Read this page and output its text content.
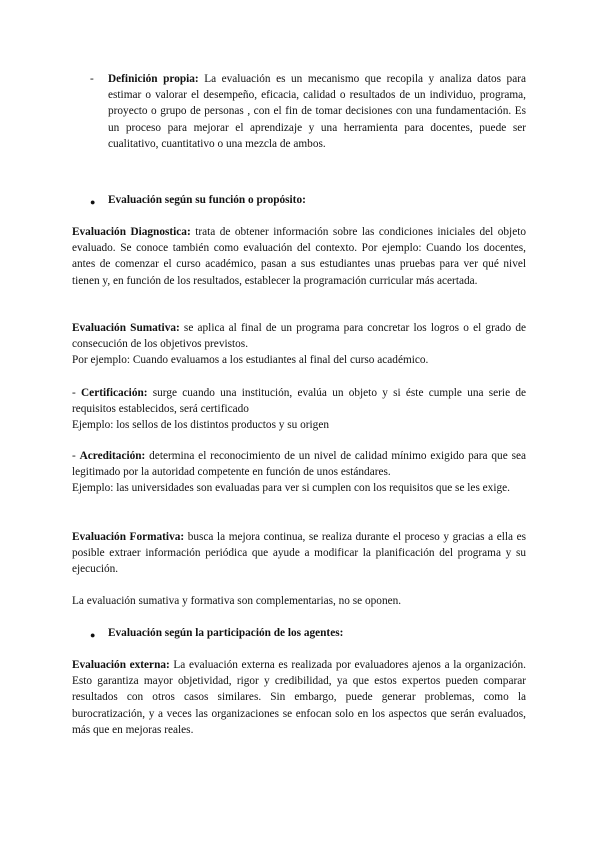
- Definición propia: La evaluación es un mecanismo que recopila y analiza datos para estimar o valorar el desempeño, eficacia, calidad o resultados de un individuo, programa, proyecto o grupo de personas , con el fin de tomar decisiones con una fundamentación. Es un proceso para mejorar el aprendizaje y una herramienta para docentes, puede ser cualitativo, cuantitativo o una mezcla de ambos.

● Evaluación según su función o propósito:

Evaluación Diagnostica: trata de obtener información sobre las condiciones iniciales del objeto evaluado. Se conoce también como evaluación del contexto. Por ejemplo: Cuando los docentes, antes de comenzar el curso académico, pasan a sus estudiantes unas pruebas para ver qué nivel tienen y, en función de los resultados, establecer la programación curricular más acertada.

Evaluación Sumativa: se aplica al final de un programa para concretar los logros o el grado de consecución de los objetivos previstos.

Por ejemplo: Cuando evaluamos a los estudiantes al final del curso académico.

- Certificación: surge cuando una institución, evalúa un objeto y si éste cumple una serie de requisitos establecidos, será certificado

Ejemplo: los sellos de los distintos productos y su origen

- Acreditación: determina el reconocimiento de un nivel de calidad mínimo exigido para que sea legitimado por la autoridad competente en función de unos estándares.

Ejemplo: las universidades son evaluadas para ver si cumplen con los requisitos que se les exige.

Evaluación Formativa: busca la mejora continua, se realiza durante el proceso y gracias a ella es posible extraer información periódica que ayude a modificar la planificación del programa y su ejecución.

La evaluación sumativa y formativa son complementarias, no se oponen.

● Evaluación según la participación de los agentes:

Evaluación externa: La evaluación externa es realizada por evaluadores ajenos a la organización. Esto garantiza mayor objetividad, rigor y credibilidad, ya que estos expertos pueden comparar resultados con otros casos similares. Sin embargo, puede generar problemas, como la burocratización, y a veces las organizaciones se enfocan solo en los aspectos que serán evaluados, más que en mejoras reales.
